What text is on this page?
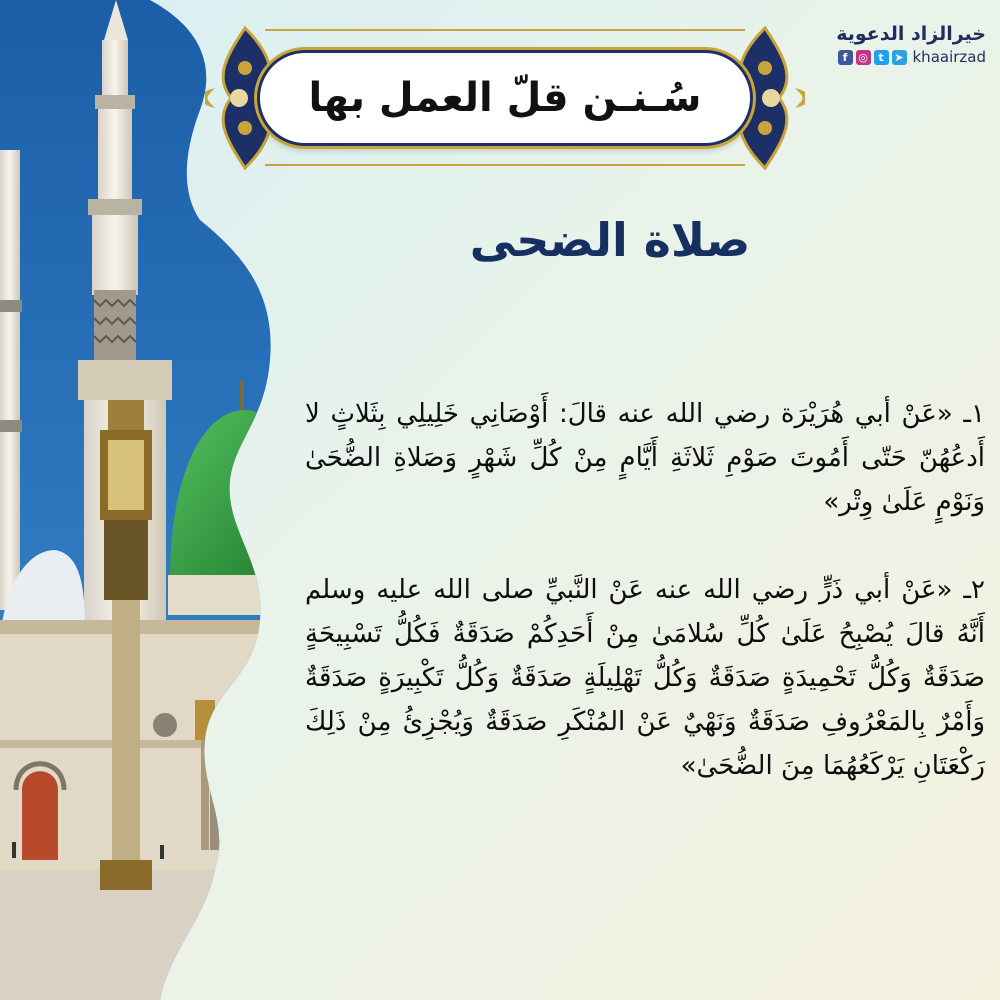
خيرالزاد الدعوية
khaairzad
➤
t
◎
f
سُـنـن قلّ العمل بها
صلاة الضحى

١ـ «عَنْ أبي هُرَيْرَة رضي الله عنه قالَ: أَوْصَانِي خَلِيلِي بِثَلاثٍ لا أَدعُهُنّ حَتّى أَمُوتَ صَوْمِ ثَلاثَةِ أَيَّامٍ مِنْ كُلِّ شَهْرٍ وَصَلاةِ الضُّحَىٰ وَنَوْمٍ عَلَىٰ وِتْر»

٢ـ «عَنْ أبي ذَرٍّ رضي الله عنه عَنْ النَّبيِّ صلى الله عليه وسلم أَنَّهُ قالَ يُصْبِحُ عَلَىٰ كُلِّ سُلامَىٰ مِنْ أَحَدِكُمْ صَدَقَةٌ فَكُلُّ تَسْبِيحَةٍ صَدَقَةٌ وَكُلُّ تَحْمِيدَةٍ صَدَقَةٌ وَكُلُّ تَهْلِيلَةٍ صَدَقَةٌ وَكُلُّ تَكْبِيرَةٍ صَدَقَةٌ وَأَمْرٌ بِالمَعْرُوفِ صَدَقَةٌ وَنَهْيٌ عَنْ المُنْكَرِ صَدَقَةٌ وَيُجْزِئُ مِنْ ذَلِكَ رَكْعَتَانِ يَرْكَعُهُمَا مِنَ الضُّحَىٰ»
